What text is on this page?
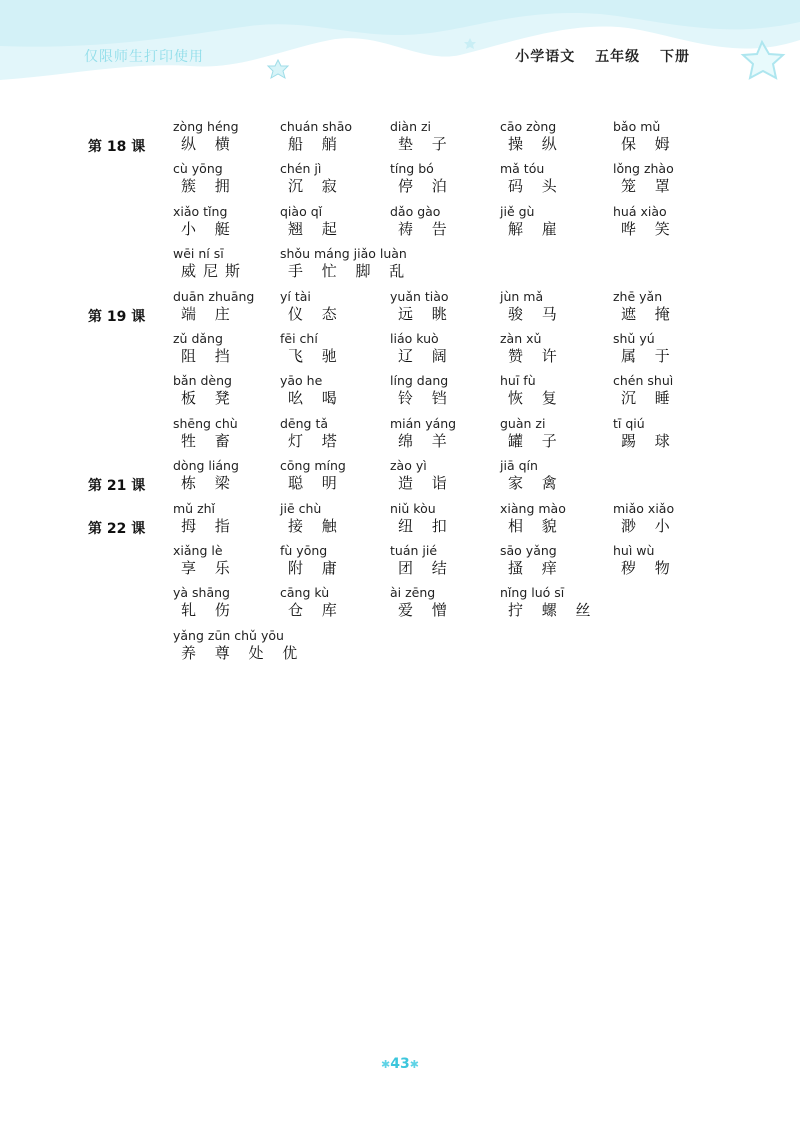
仅限师生打印使用	小学语文 五年级 下册
第 18 课
zòng héng
纵 横
chuán shāo
船 艄
diàn zi
垫 子
cāo zòng
操 纵
bǎo mǔ
保 姆
cù yōng
簇 拥
chén jì
沉 寂
tíng bó
停 泊
mǎ tóu
码 头
lǒng zhào
笼 罩
xiǎo tǐng
小 艇
qiào qǐ
翘 起
dǎo gào
祷 告
jiě gù
解 雇
huá xiào
哗 笑
wēi ní sī
威尼斯
shǒu máng jiǎo luàn
手 忙 脚 乱
第 19 课
duān zhuāng
端 庄
yí tài
仪 态
yuǎn tiào
远 眺
jùn mǎ
骏 马
zhē yǎn
遮 掩
zǔ dǎng
阻 挡
fēi chí
飞 驰
liáo kuò
辽 阔
zàn xǔ
赞 许
shǔ yú
属 于
bǎn dèng
板 凳
yāo he
吆 喝
líng dang
铃 铛
huī fù
恢 复
chén shuì
沉 睡
shēng chù
牲 畜
dēng tǎ
灯 塔
mián yáng
绵 羊
guàn zi
罐 子
tī qiú
踢 球
第 21 课
dòng liáng
栋 梁
cōng míng
聪 明
zào yì
造 诣
jiā qín
家 禽
第 22 课
mǔ zhǐ
拇 指
jiē chù
接 触
niǔ kòu
纽 扣
xiàng mào
相 貌
miǎo xiǎo
渺 小
xiǎng lè
享 乐
fù yōng
附 庸
tuán jié
团 结
sāo yǎng
搔 痒
huì wù
秽 物
yà shāng
轧 伤
cāng kù
仓 库
ài zēng
爱 憎
nǐng luó sī
拧 螺 丝
yǎng zūn chǔ yōu
养 尊 处 优
✱43✱
